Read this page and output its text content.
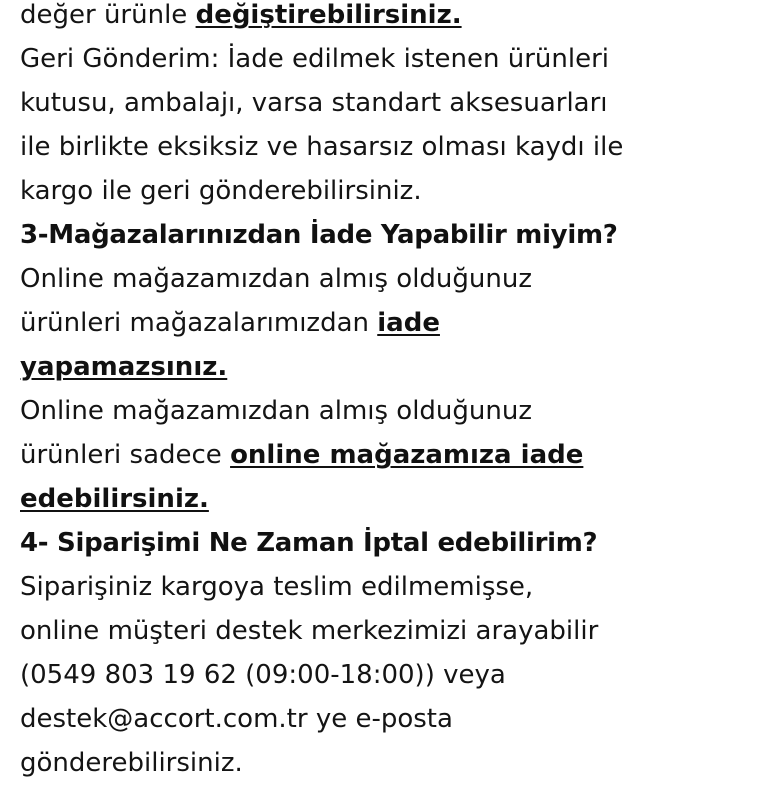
değer ürünle değiştirebilirsiniz.
Geri Gönderim: İade edilmek istenen ürünleri
kutusu, ambalajı, varsa standart aksesuarları
ile birlikte eksiksiz ve hasarsız olması kaydı ile
kargo ile geri gönderebilirsiniz.
3-Mağazalarınızdan İade Yapabilir miyim?
Online mağazamızdan almış olduğunuz
ürünleri mağazalarımızdan iade
yapamazsınız.
Online mağazamızdan almış olduğunuz
ürünleri sadece online mağazamıza iade
edebilirsiniz.
4- Siparişimi Ne Zaman İptal edebilirim?
Siparişiniz kargoya teslim edilmemişse,
online müşteri destek merkezimizi arayabilir
(0549 803 19 62 (09:00-18:00)) veya
destek@accort.com.tr ye e-posta
gönderebilirsiniz.
